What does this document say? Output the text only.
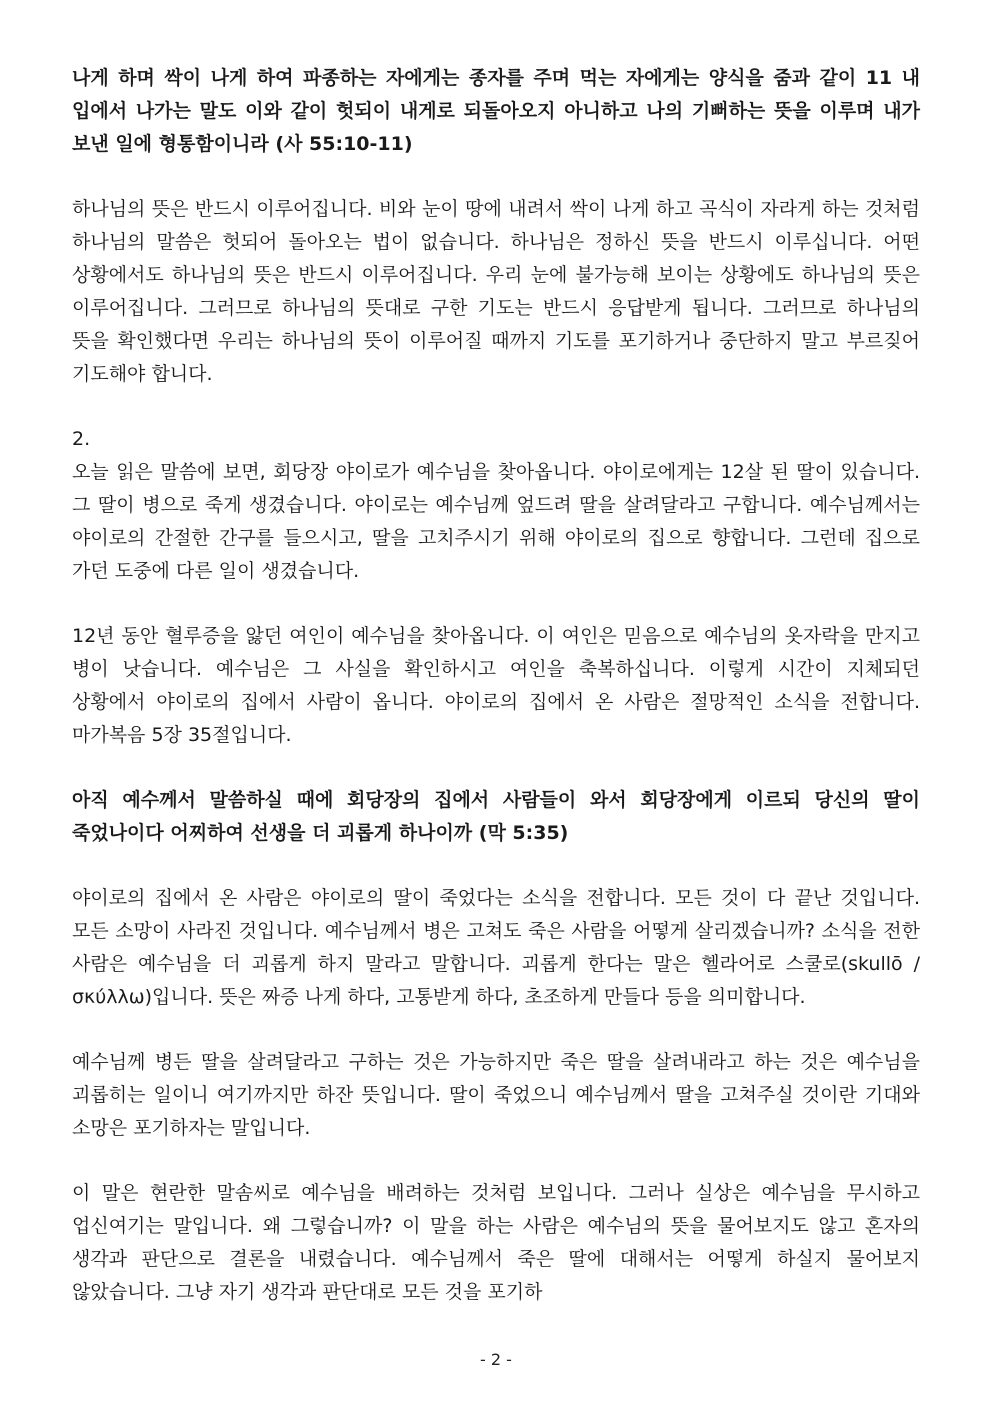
나게 하며 싹이 나게 하여 파종하는 자에게는 종자를 주며 먹는 자에게는 양식을 줌과 같이 11 내 입에서 나가는 말도 이와 같이 헛되이 내게로 되돌아오지 아니하고 나의 기뻐하는 뜻을 이루며 내가 보낸 일에 형통함이니라 (사 55:10-11)

하나님의 뜻은 반드시 이루어집니다. 비와 눈이 땅에 내려서 싹이 나게 하고 곡식이 자라게 하는 것처럼 하나님의 말씀은 헛되어 돌아오는 법이 없습니다. 하나님은 정하신 뜻을 반드시 이루십니다. 어떤 상황에서도 하나님의 뜻은 반드시 이루어집니다. 우리 눈에 불가능해 보이는 상황에도 하나님의 뜻은 이루어집니다. 그러므로 하나님의 뜻대로 구한 기도는 반드시 응답받게 됩니다. 그러므로 하나님의 뜻을 확인했다면 우리는 하나님의 뜻이 이루어질 때까지 기도를 포기하거나 중단하지 말고 부르짖어 기도해야 합니다.

2.

오늘 읽은 말씀에 보면, 회당장 야이로가 예수님을 찾아옵니다. 야이로에게는 12살 된 딸이 있습니다. 그 딸이 병으로 죽게 생겼습니다. 야이로는 예수님께 엎드려 딸을 살려달라고 구합니다. 예수님께서는 야이로의 간절한 간구를 들으시고, 딸을 고치주시기 위해 야이로의 집으로 향합니다. 그런데 집으로 가던 도중에 다른 일이 생겼습니다.

12년 동안 혈루증을 앓던 여인이 예수님을 찾아옵니다. 이 여인은 믿음으로 예수님의 옷자락을 만지고 병이 낫습니다. 예수님은 그 사실을 확인하시고 여인을 축복하십니다. 이렇게 시간이 지체되던 상황에서 야이로의 집에서 사람이 옵니다. 야이로의 집에서 온 사람은 절망적인 소식을 전합니다. 마가복음 5장 35절입니다.

아직 예수께서 말씀하실 때에 회당장의 집에서 사람들이 와서 회당장에게 이르되 당신의 딸이 죽었나이다 어찌하여 선생을 더 괴롭게 하나이까 (막 5:35)

야이로의 집에서 온 사람은 야이로의 딸이 죽었다는 소식을 전합니다. 모든 것이 다 끝난 것입니다. 모든 소망이 사라진 것입니다. 예수님께서 병은 고쳐도 죽은 사람을 어떻게 살리겠습니까? 소식을 전한 사람은 예수님을 더 괴롭게 하지 말라고 말합니다. 괴롭게 한다는 말은 헬라어로 스쿨로(skullō / σκύλλω)입니다. 뜻은 짜증 나게 하다, 고통받게 하다, 초조하게 만들다 등을 의미합니다.

예수님께 병든 딸을 살려달라고 구하는 것은 가능하지만 죽은 딸을 살려내라고 하는 것은 예수님을 괴롭히는 일이니 여기까지만 하잔 뜻입니다. 딸이 죽었으니 예수님께서 딸을 고쳐주실 것이란 기대와 소망은 포기하자는 말입니다.

이 말은 현란한 말솜씨로 예수님을 배려하는 것처럼 보입니다. 그러나 실상은 예수님을 무시하고 업신여기는 말입니다. 왜 그렇습니까? 이 말을 하는 사람은 예수님의 뜻을 물어보지도 않고 혼자의 생각과 판단으로 결론을 내렸습니다. 예수님께서 죽은 딸에 대해서는 어떻게 하실지 물어보지 않았습니다. 그냥 자기 생각과 판단대로 모든 것을 포기하

- 2 -
